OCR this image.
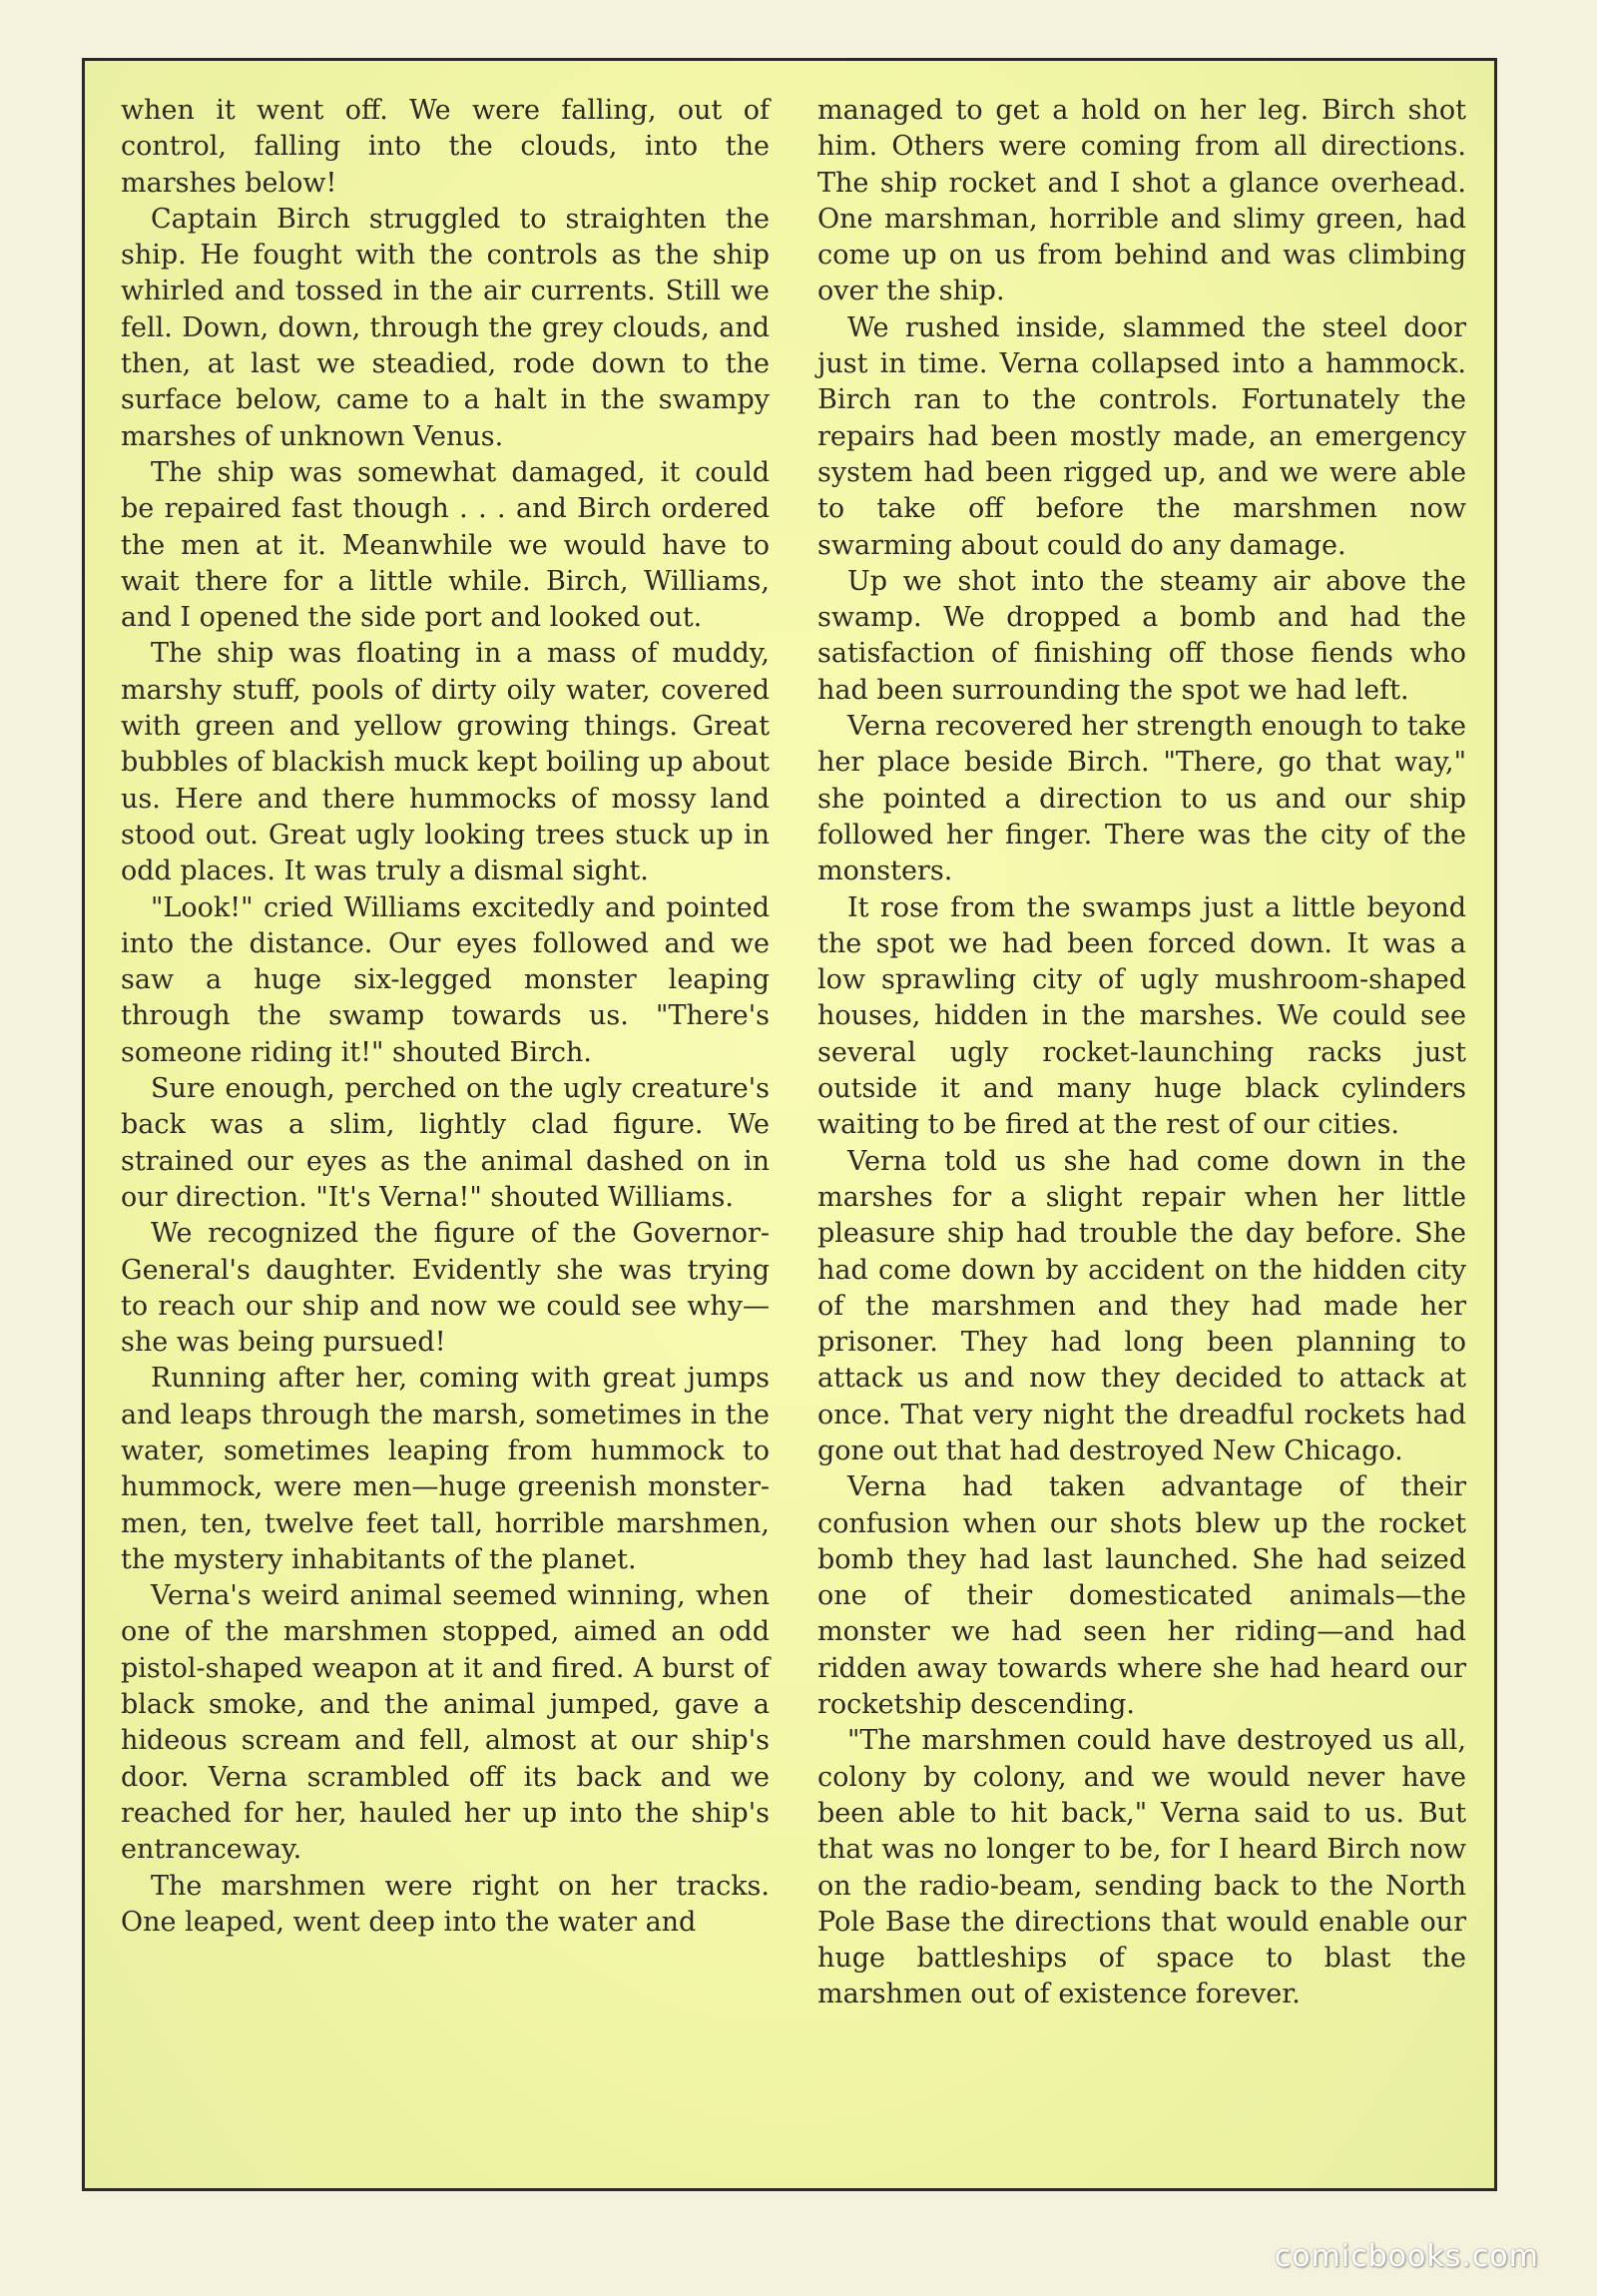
when it went off. We were falling, out of control, falling into the clouds, into the marshes below!

Captain Birch struggled to straighten the ship. He fought with the controls as the ship whirled and tossed in the air currents. Still we fell. Down, down, through the grey clouds, and then, at last we steadied, rode down to the surface below, came to a halt in the swampy marshes of unknown Venus.

The ship was somewhat damaged, it could be repaired fast though . . . and Birch ordered the men at it. Meanwhile we would have to wait there for a little while. Birch, Williams, and I opened the side port and looked out.

The ship was floating in a mass of muddy, marshy stuff, pools of dirty oily water, covered with green and yellow growing things. Great bubbles of blackish muck kept boiling up about us. Here and there hummocks of mossy land stood out. Great ugly looking trees stuck up in odd places. It was truly a dismal sight.

"Look!" cried Williams excitedly and pointed into the distance. Our eyes followed and we saw a huge six-legged monster leaping through the swamp towards us. "There's someone riding it!" shouted Birch.

Sure enough, perched on the ugly creature's back was a slim, lightly clad figure. We strained our eyes as the animal dashed on in our direction. "It's Verna!" shouted Williams.

We recognized the figure of the Governor-General's daughter. Evidently she was trying to reach our ship and now we could see why—she was being pursued!

Running after her, coming with great jumps and leaps through the marsh, sometimes in the water, sometimes leaping from hummock to hummock, were men—huge greenish monster-men, ten, twelve feet tall, horrible marshmen, the mystery inhabitants of the planet.

Verna's weird animal seemed winning, when one of the marshmen stopped, aimed an odd pistol-shaped weapon at it and fired. A burst of black smoke, and the animal jumped, gave a hideous scream and fell, almost at our ship's door. Verna scrambled off its back and we reached for her, hauled her up into the ship's entranceway.

The marshmen were right on her tracks. One leaped, went deep into the water and

managed to get a hold on her leg. Birch shot him. Others were coming from all directions. The ship rocket and I shot a glance overhead. One marshman, horrible and slimy green, had come up on us from behind and was climbing over the ship.

We rushed inside, slammed the steel door just in time. Verna collapsed into a hammock. Birch ran to the controls. Fortunately the repairs had been mostly made, an emergency system had been rigged up, and we were able to take off before the marshmen now swarming about could do any damage.

Up we shot into the steamy air above the swamp. We dropped a bomb and had the satisfaction of finishing off those fiends who had been surrounding the spot we had left.

Verna recovered her strength enough to take her place beside Birch. "There, go that way," she pointed a direction to us and our ship followed her finger. There was the city of the monsters.

It rose from the swamps just a little beyond the spot we had been forced down. It was a low sprawling city of ugly mushroom-shaped houses, hidden in the marshes. We could see several ugly rocket-launching racks just outside it and many huge black cylinders waiting to be fired at the rest of our cities.

Verna told us she had come down in the marshes for a slight repair when her little pleasure ship had trouble the day before. She had come down by accident on the hidden city of the marshmen and they had made her prisoner. They had long been planning to attack us and now they decided to attack at once. That very night the dreadful rockets had gone out that had destroyed New Chicago.

Verna had taken advantage of their confusion when our shots blew up the rocket bomb they had last launched. She had seized one of their domesticated animals—the monster we had seen her riding—and had ridden away towards where she had heard our rocketship descending.

"The marshmen could have destroyed us all, colony by colony, and we would never have been able to hit back," Verna said to us. But that was no longer to be, for I heard Birch now on the radio-beam, sending back to the North Pole Base the directions that would enable our huge battleships of space to blast the marshmen out of existence forever.

comicbooks.com
